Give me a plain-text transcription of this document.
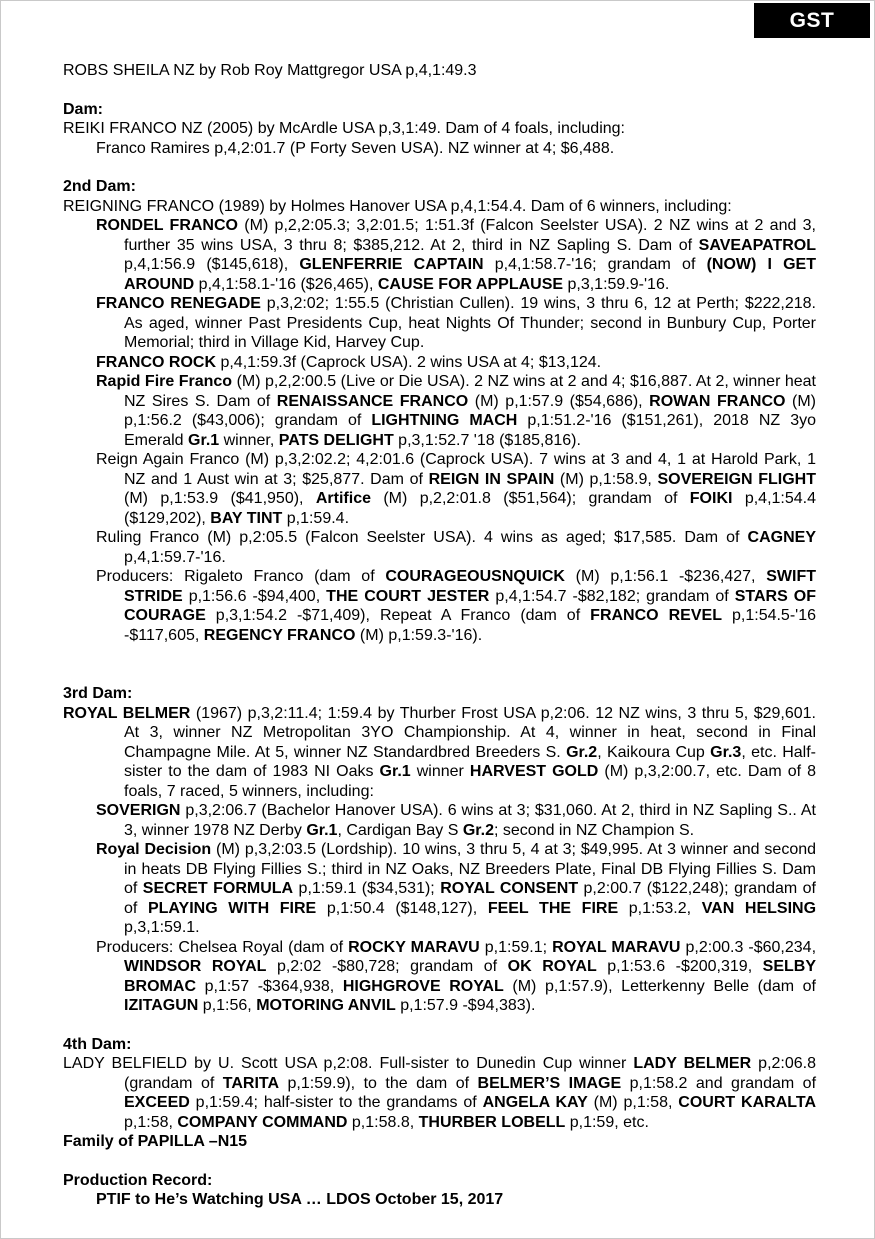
GST

ROBS SHEILA NZ by Rob Roy Mattgregor USA p,4,1:49.3

Dam:

REIKI FRANCO NZ (2005) by McArdle USA p,3,1:49. Dam of 4 foals, including:

Franco Ramires p,4,2:01.7 (P Forty Seven USA). NZ winner at 4; $6,488.

2nd Dam:

REIGNING FRANCO (1989) by Holmes Hanover USA p,4,1:54.4. Dam of 6 winners, including:

RONDEL FRANCO (M) p,2,2:05.3; 3,2:01.5; 1:51.3f (Falcon Seelster USA). 2 NZ wins at 2 and 3, further 35 wins USA, 3 thru 8; $385,212. At 2, third in NZ Sapling S. Dam of SAVEAPATROL p,4,1:56.9 ($145,618), GLENFERRIE CAPTAIN p,4,1:58.7-'16; grandam of (NOW) I GET AROUND p,4,1:58.1-'16 ($26,465), CAUSE FOR APPLAUSE p,3,1:59.9-'16.

FRANCO RENEGADE p,3,2:02; 1:55.5 (Christian Cullen). 19 wins, 3 thru 6, 12 at Perth; $222,218. As aged, winner Past Presidents Cup, heat Nights Of Thunder; second in Bunbury Cup, Porter Memorial; third in Village Kid, Harvey Cup.

FRANCO ROCK p,4,1:59.3f (Caprock USA). 2 wins USA at 4; $13,124.

Rapid Fire Franco (M) p,2,2:00.5 (Live or Die USA). 2 NZ wins at 2 and 4; $16,887. At 2, winner heat NZ Sires S. Dam of RENAISSANCE FRANCO (M) p,1:57.9 ($54,686), ROWAN FRANCO (M) p,1:56.2 ($43,006); grandam of LIGHTNING MACH p,1:51.2-'16 ($151,261), 2018 NZ 3yo Emerald Gr.1 winner, PATS DELIGHT p,3,1:52.7 '18 ($185,816).

Reign Again Franco (M) p,3,2:02.2; 4,2:01.6 (Caprock USA). 7 wins at 3 and 4, 1 at Harold Park, 1 NZ and 1 Aust win at 3; $25,877. Dam of REIGN IN SPAIN (M) p,1:58.9, SOVEREIGN FLIGHT (M) p,1:53.9 ($41,950), Artifice (M) p,2,2:01.8 ($51,564); grandam of FOIKI p,4,1:54.4 ($129,202), BAY TINT p,1:59.4.

Ruling Franco (M) p,2:05.5 (Falcon Seelster USA). 4 wins as aged; $17,585. Dam of CAGNEY p,4,1:59.7-'16.

Producers: Rigaleto Franco (dam of COURAGEOUSNQUICK (M) p,1:56.1 -$236,427, SWIFT STRIDE p,1:56.6 -$94,400, THE COURT JESTER p,4,1:54.7 -$82,182; grandam of STARS OF COURAGE p,3,1:54.2 -$71,409), Repeat A Franco (dam of FRANCO REVEL p,1:54.5-'16 -$117,605, REGENCY FRANCO (M) p,1:59.3-'16).

3rd Dam:

ROYAL BELMER (1967) p,3,2:11.4; 1:59.4 by Thurber Frost USA p,2:06. 12 NZ wins, 3 thru 5, $29,601. At 3, winner NZ Metropolitan 3YO Championship. At 4, winner in heat, second in Final Champagne Mile. At 5, winner NZ Standardbred Breeders S. Gr.2, Kaikoura Cup Gr.3, etc. Half-sister to the dam of 1983 NI Oaks Gr.1 winner HARVEST GOLD (M) p,3,2:00.7, etc. Dam of 8 foals, 7 raced, 5 winners, including:

SOVERIGN p,3,2:06.7 (Bachelor Hanover USA). 6 wins at 3; $31,060. At 2, third in NZ Sapling S.. At 3, winner 1978 NZ Derby Gr.1, Cardigan Bay S Gr.2; second in NZ Champion S.

Royal Decision (M) p,3,2:03.5 (Lordship). 10 wins, 3 thru 5, 4 at 3; $49,995. At 3 winner and second in heats DB Flying Fillies S.; third in NZ Oaks, NZ Breeders Plate, Final DB Flying Fillies S. Dam of SECRET FORMULA p,1:59.1 ($34,531); ROYAL CONSENT p,2:00.7 ($122,248); grandam of of PLAYING WITH FIRE p,1:50.4 ($148,127), FEEL THE FIRE p,1:53.2, VAN HELSING p,3,1:59.1.

Producers: Chelsea Royal (dam of ROCKY MARAVU p,1:59.1; ROYAL MARAVU p,2:00.3 -$60,234, WINDSOR ROYAL p,2:02 -$80,728; grandam of OK ROYAL p,1:53.6 -$200,319, SELBY BROMAC p,1:57 -$364,938, HIGHGROVE ROYAL (M) p,1:57.9), Letterkenny Belle (dam of IZITAGUN p,1:56, MOTORING ANVIL p,1:57.9 -$94,383).

4th Dam:

LADY BELFIELD by U. Scott USA p,2:08. Full-sister to Dunedin Cup winner LADY BELMER p,2:06.8 (grandam of TARITA p,1:59.9), to the dam of BELMER’S IMAGE p,1:58.2 and grandam of EXCEED p,1:59.4; half-sister to the grandams of ANGELA KAY (M) p,1:58, COURT KARALTA p,1:58, COMPANY COMMAND p,1:58.8, THURBER LOBELL p,1:59, etc.

Family of PAPILLA –N15

Production Record:

PTIF to He’s Watching USA … LDOS October 15, 2017
